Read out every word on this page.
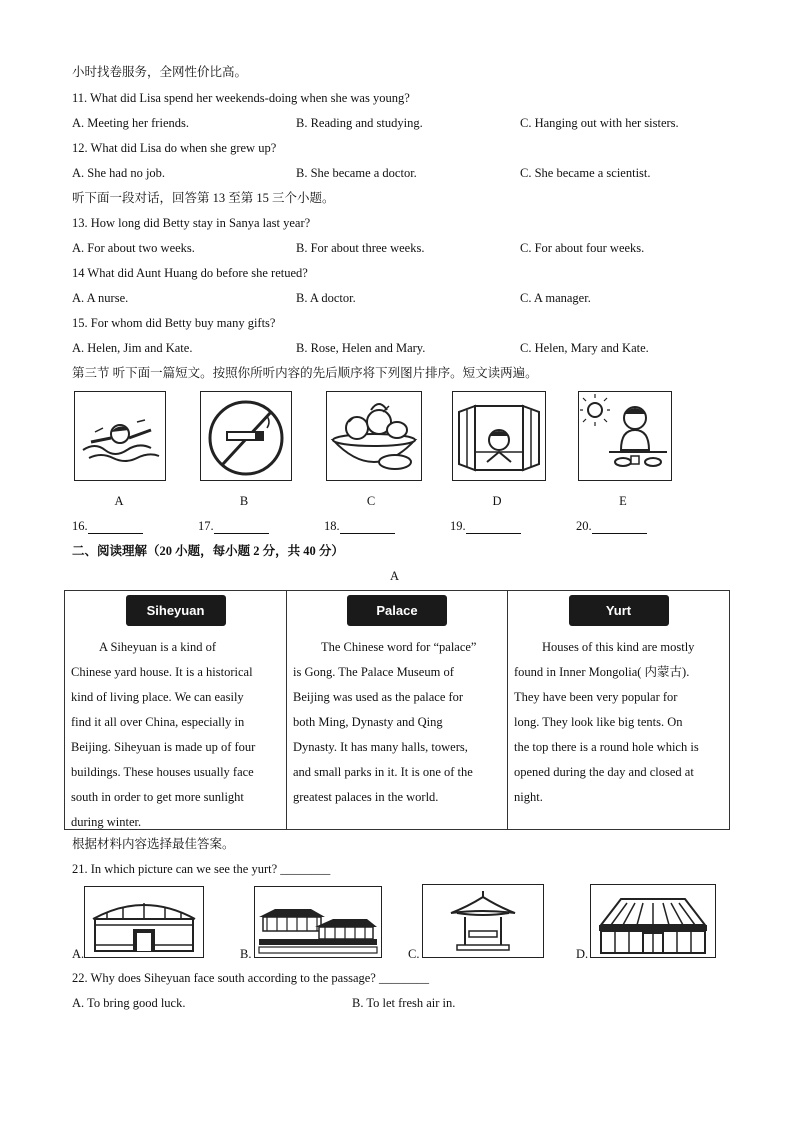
小时找卷服务，全网性价比高。
11. What did Lisa spend her weekends-doing when she was young?
A. Meeting her friends.	B. Reading and studying.	C. Hanging out with her sisters.
12. What did Lisa do when she grew up?
A. She had no job.	B. She became a doctor.	C. She became a scientist.
听下面一段对话，回答第 13 至第 15 三个小题。
13. How long did Betty stay in Sanya last year?
A. For about two weeks.	B. For about three weeks.	C. For about four weeks.
14 What did Aunt Huang do before she retued?
A. A nurse.	B. A doctor.	C. A manager.
15. For whom did Betty buy many gifts?
A. Helen, Jim and Kate.	B. Rose, Helen and Mary.	C. Helen, Mary and Kate.
第三节 听下面一篇短文。按照你所听内容的先后顺序将下列图片排序。短文读两遍。
A	B	C	D	E
16.	17.	18.	19.	20.
二、阅读理解（20 小题，每小题 2 分，共 40 分）
A
Siheyuan
A Siheyuan is a kind of
Chinese yard house. It is a historical
kind of living place. We can easily
find it all over China, especially in
Beijing. Siheyuan is made up of four
buildings. These houses usually face
south in order to get more sunlight
during winter.
Palace
The Chinese word for “palace”
is Gong. The Palace Museum of
Beijing was used as the palace for
both Ming, Dynasty and Qing
Dynasty. It has many halls, towers,
and small parks in it. It is one of the
greatest palaces in the world.
Yurt
Houses of this kind are mostly
found in Inner Mongolia( 内蒙古).
They have been very popular for
long. They look like big tents. On
the top there is a round hole which is
opened during the day and closed at
night.
根据材料内容选择最佳答案。
21. In which picture can we see the yurt? ________
A.	B.	C.	D.
22. Why does Siheyuan face south according to the passage? ________
A. To bring good luck.	B. To let fresh air in.
